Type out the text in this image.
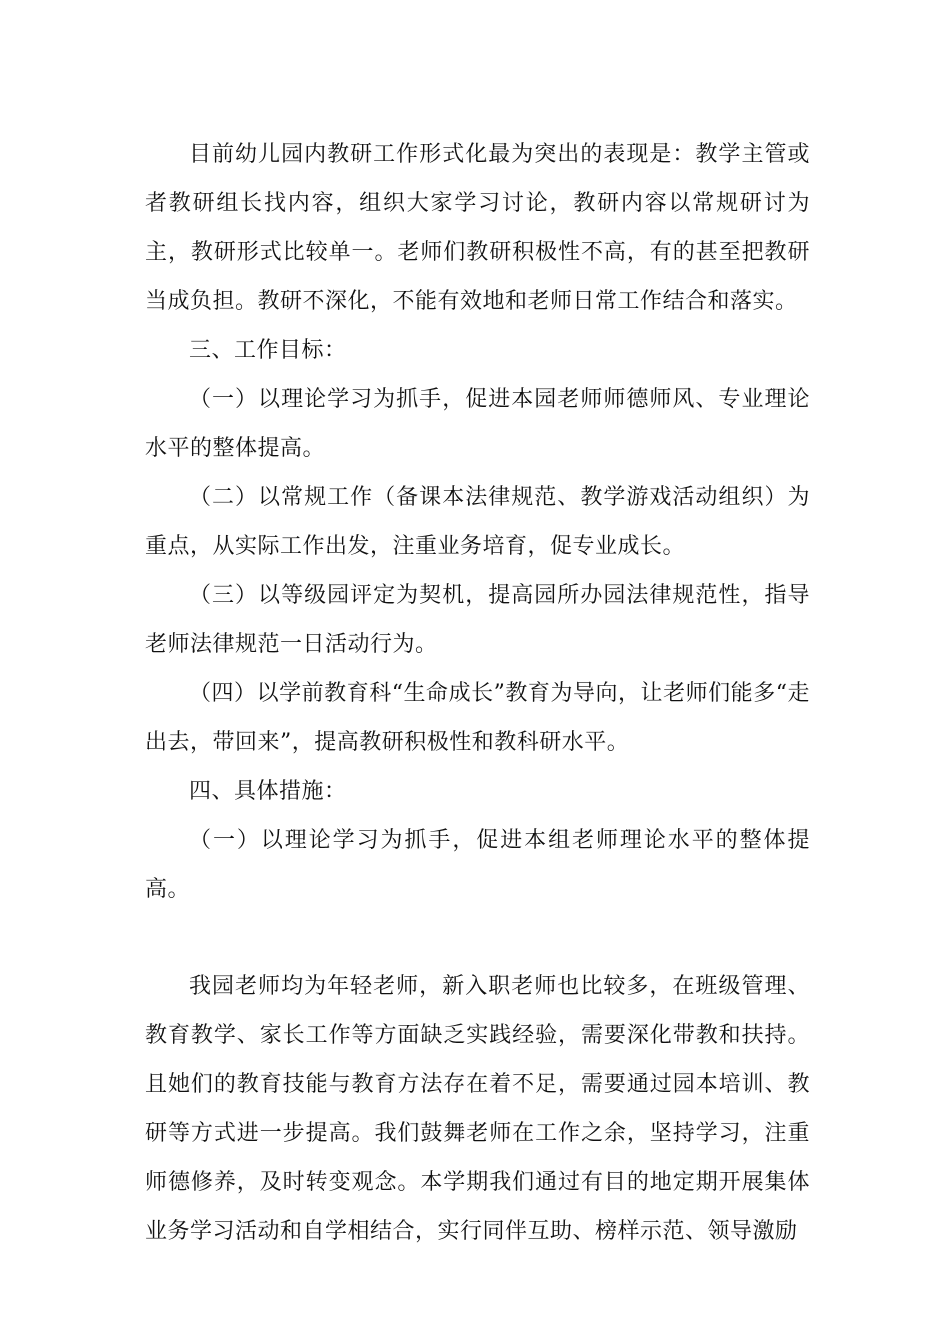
目前幼儿园内教研工作形式化最为突出的表现是：教学主管或者教研组长找内容，组织大家学习讨论，教研内容以常规研讨为主，教研形式比较单一。老师们教研积极性不高，有的甚至把教研当成负担。教研不深化，不能有效地和老师日常工作结合和落实。

三、工作目标：

（一）以理论学习为抓手，促进本园老师师德师风、专业理论水平的整体提高。

（二）以常规工作（备课本法律规范、教学游戏活动组织）为重点，从实际工作出发，注重业务培育，促专业成长。

（三）以等级园评定为契机，提高园所办园法律规范性，指导老师法律规范一日活动行为。

（四）以学前教育科“生命成长”教育为导向，让老师们能多“走出去，带回来”，提高教研积极性和教科研水平。

四、具体措施：

（一）以理论学习为抓手，促进本组老师理论水平的整体提高。

我园老师均为年轻老师，新入职老师也比较多，在班级管理、教育教学、家长工作等方面缺乏实践经验，需要深化带教和扶持。且她们的教育技能与教育方法存在着不足，需要通过园本培训、教研等方式进一步提高。我们鼓舞老师在工作之余，坚持学习，注重师德修养，及时转变观念。本学期我们通过有目的地定期开展集体业务学习活动和自学相结合，实行同伴互助、榜样示范、领导激励
